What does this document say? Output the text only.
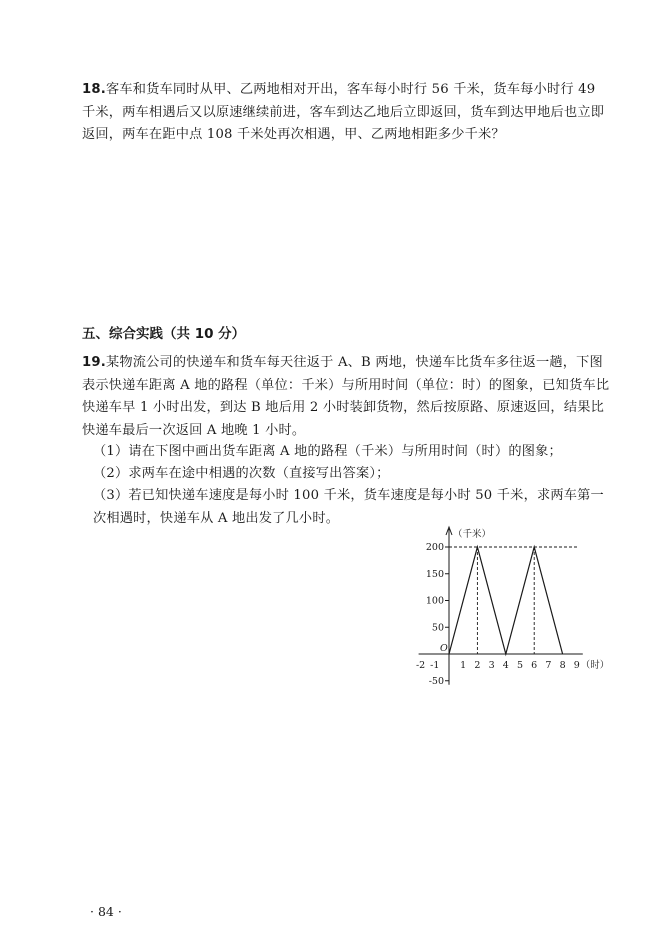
18.客车和货车同时从甲、乙两地相对开出，客车每小时行 56 千米，货车每小时行 49 千米，两车相遇后又以原速继续前进，客车到达乙地后立即返回，货车到达甲地后也立即返回，两车在距中点 108 千米处再次相遇，甲、乙两地相距多少千米？
五、综合实践（共 10 分）
19.某物流公司的快递车和货车每天往返于 A、B 两地，快递车比货车多往返一趟，下图表示快递车距离 A 地的路程（单位：千米）与所用时间（单位：时）的图象，已知货车比快递车早 1 小时出发，到达 B 地后用 2 小时装卸货物，然后按原路、原速返回，结果比快递车最后一次返回 A 地晚 1 小时。
（1）请在下图中画出货车距离 A 地的路程（千米）与所用时间（时）的图象；
（2）求两车在途中相遇的次数（直接写出答案）；
（3）若已知快递车速度是每小时 100 千米，货车速度是每小时 50 千米，求两车第一次相遇时，快递车从 A 地出发了几小时。
200
150
100
50
-50
-2 -1 1 2 3 4 5 6 7 8 9
O
（千米）
（时）
· 84 ·
